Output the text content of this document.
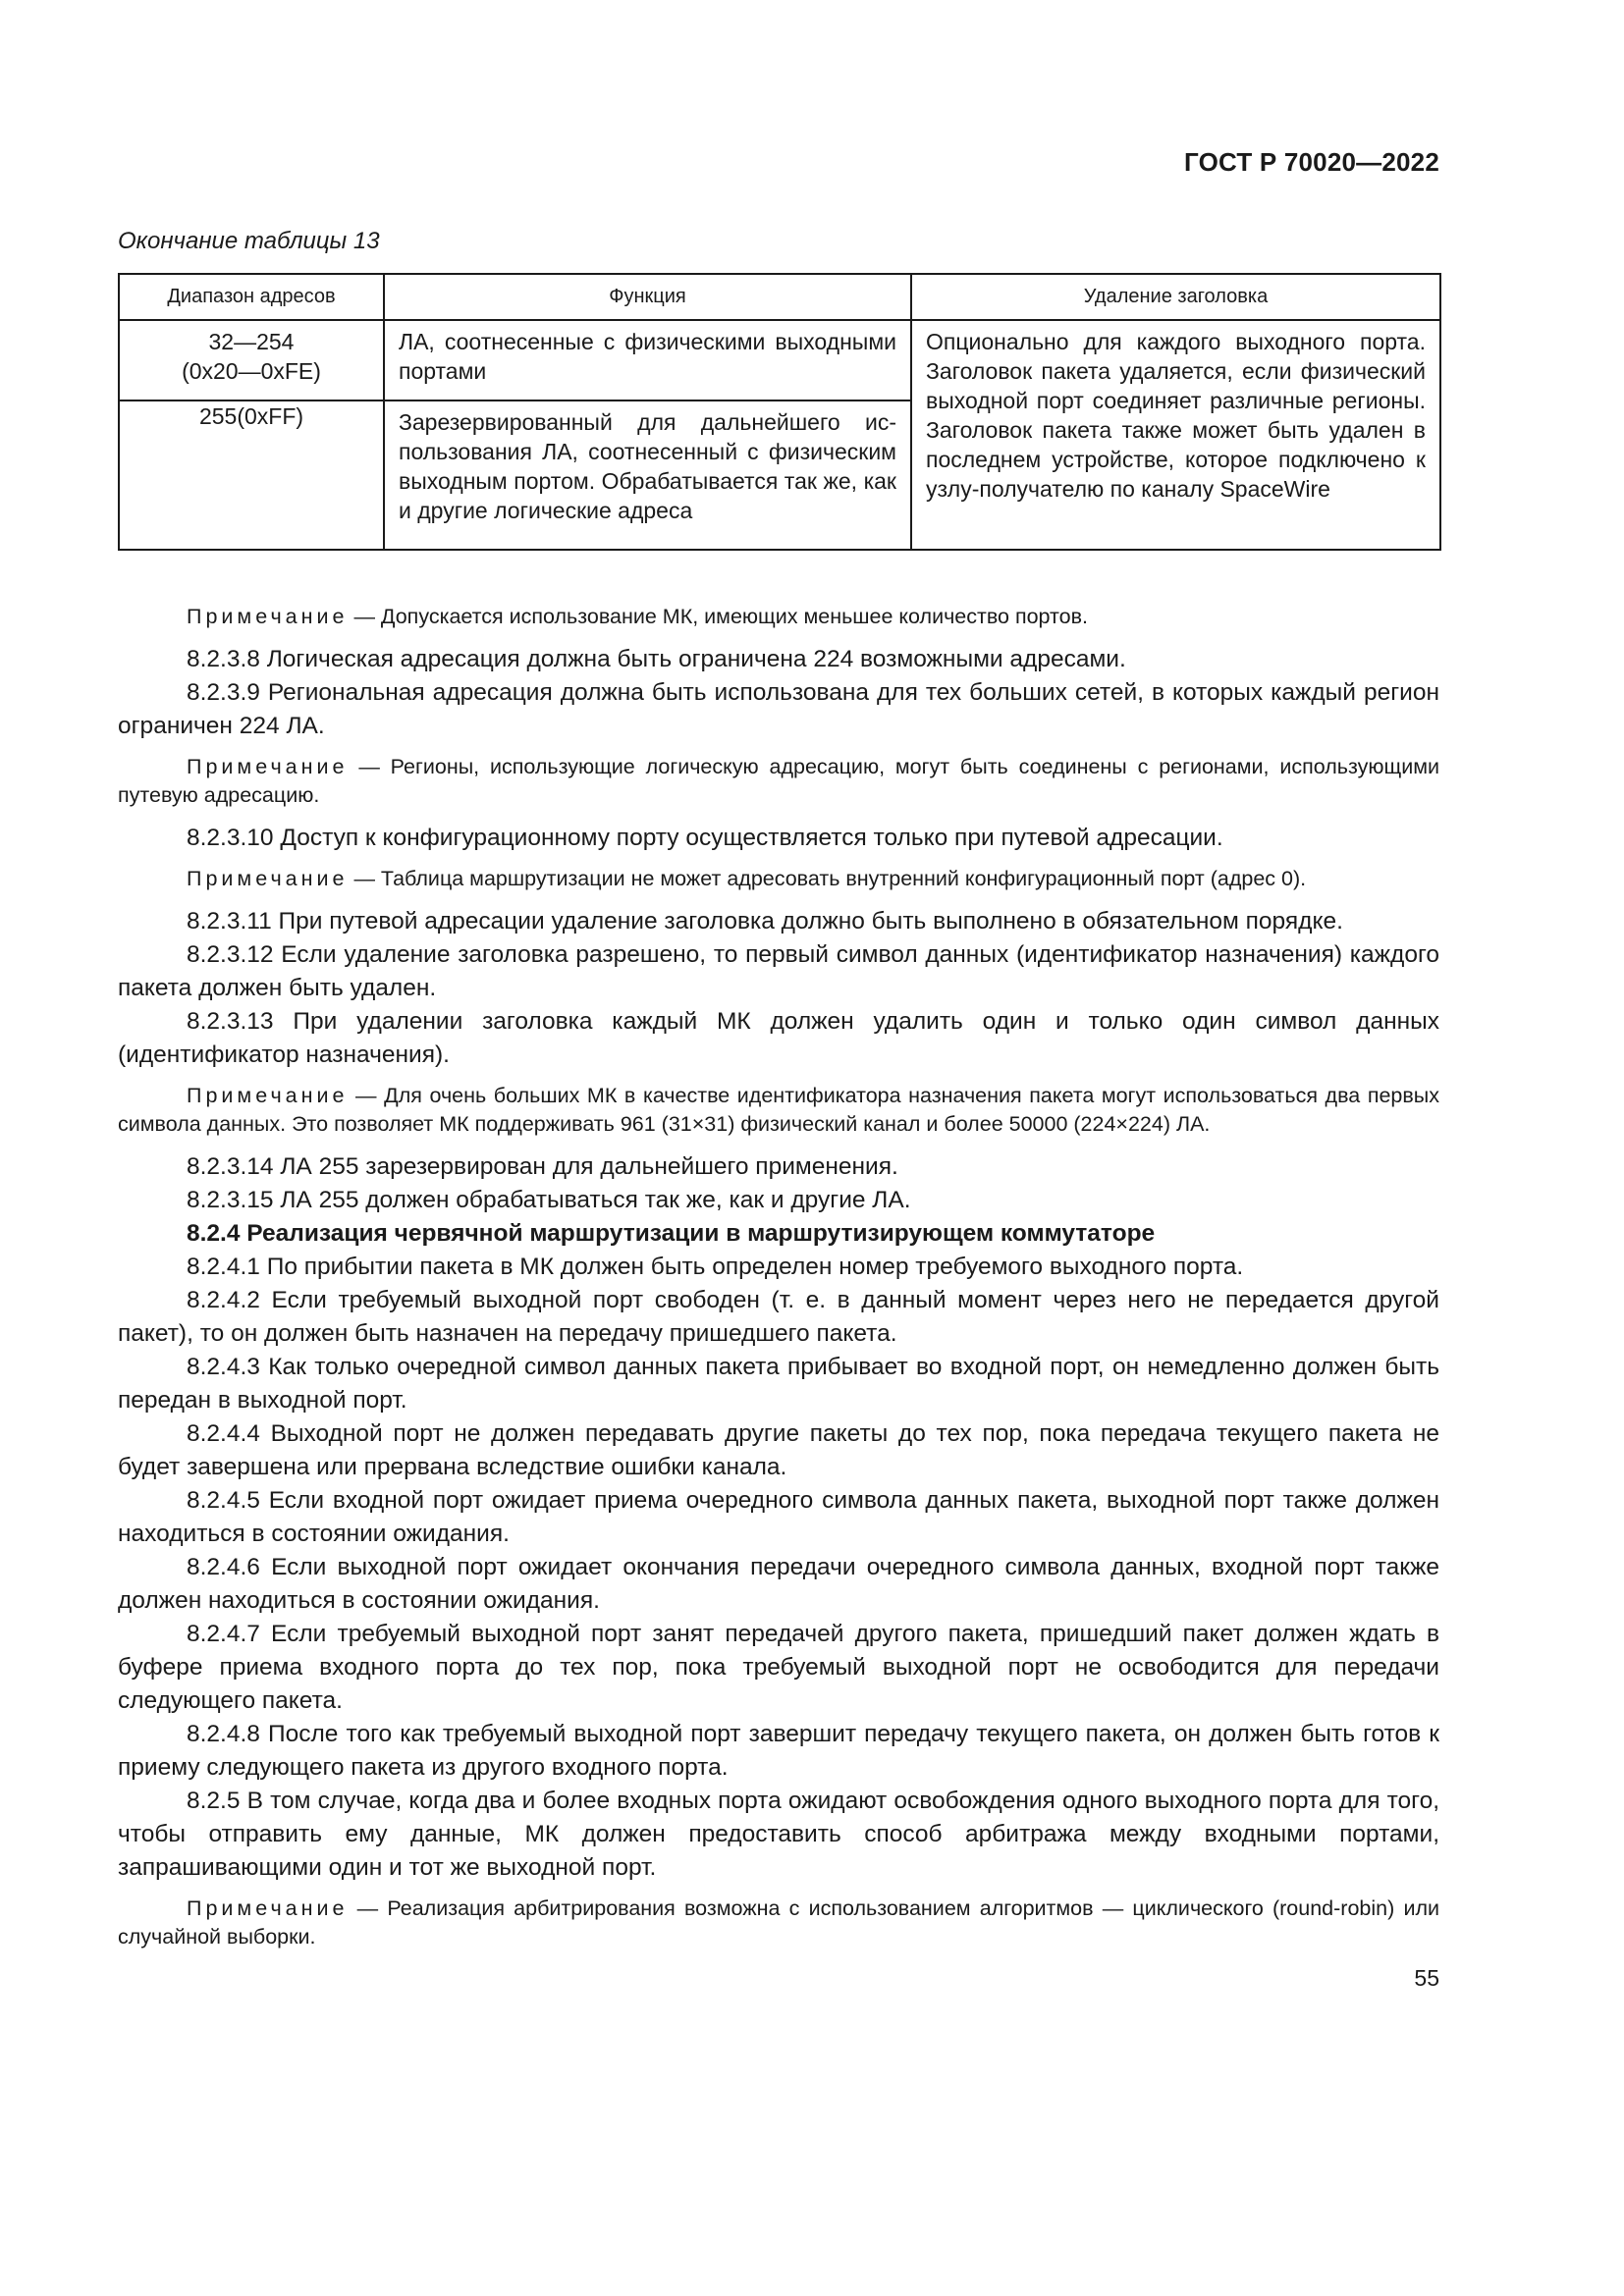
ГОСТ Р 70020—2022
Окончание таблицы 13
Диапазон адресов	Функция	Удаление заголовка

32—254
(0x20—0xFE)	ЛА, соотнесенные с физическими выходными портами	Опционально для каждого выходного порта. Заголовок пакета удаляется, если физический выходной порт соединяет различные регионы. Заголовок пакета также может быть удален в последнем устройстве, которое подключено к узлу-получателю по каналу SpaceWire
255(0xFF)	Зарезервированный для дальнейшего использования ЛА, соотнесенный с физическим выходным портом. Обрабатывается так же, как и другие логические адреса	

Примечание — Допускается использование МК, имеющих меньшее количество портов.

8.2.3.8 Логическая адресация должна быть ограничена 224 возможными адресами.

8.2.3.9 Региональная адресация должна быть использована для тех больших сетей, в которых каждый регион ограничен 224 ЛА.

Примечание — Регионы, использующие логическую адресацию, могут быть соединены с регионами, использующими путевую адресацию.

8.2.3.10 Доступ к конфигурационному порту осуществляется только при путевой адресации.

Примечание — Таблица маршрутизации не может адресовать внутренний конфигурационный порт (адрес 0).

8.2.3.11 При путевой адресации удаление заголовка должно быть выполнено в обязательном порядке.

8.2.3.12 Если удаление заголовка разрешено, то первый символ данных (идентификатор назначения) каждого пакета должен быть удален.

8.2.3.13 При удалении заголовка каждый МК должен удалить один и только один символ данных (идентификатор назначения).

Примечание — Для очень больших МК в качестве идентификатора назначения пакета могут использоваться два первых символа данных. Это позволяет МК поддерживать 961 (31×31) физический канал и более 50000 (224×224) ЛА.

8.2.3.14 ЛА 255 зарезервирован для дальнейшего применения.

8.2.3.15 ЛА 255 должен обрабатываться так же, как и другие ЛА.

8.2.4 Реализация червячной маршрутизации в маршрутизирующем коммутаторе

8.2.4.1 По прибытии пакета в МК должен быть определен номер требуемого выходного порта.

8.2.4.2 Если требуемый выходной порт свободен (т. е. в данный момент через него не передается другой пакет), то он должен быть назначен на передачу пришедшего пакета.

8.2.4.3 Как только очередной символ данных пакета прибывает во входной порт, он немедленно должен быть передан в выходной порт.

8.2.4.4 Выходной порт не должен передавать другие пакеты до тех пор, пока передача текущего пакета не будет завершена или прервана вследствие ошибки канала.

8.2.4.5 Если входной порт ожидает приема очередного символа данных пакета, выходной порт также должен находиться в состоянии ожидания.

8.2.4.6 Если выходной порт ожидает окончания передачи очередного символа данных, входной порт также должен находиться в состоянии ожидания.

8.2.4.7 Если требуемый выходной порт занят передачей другого пакета, пришедший пакет должен ждать в буфере приема входного порта до тех пор, пока требуемый выходной порт не освободится для передачи следующего пакета.

8.2.4.8 После того как требуемый выходной порт завершит передачу текущего пакета, он должен быть готов к приему следующего пакета из другого входного порта.

8.2.5 В том случае, когда два и более входных порта ожидают освобождения одного выходного порта для того, чтобы отправить ему данные, МК должен предоставить способ арбитража между входными портами, запрашивающими один и тот же выходной порт.

Примечание — Реализация арбитрирования возможна с использованием алгоритмов — циклического (round-robin) или случайной выборки.

55
